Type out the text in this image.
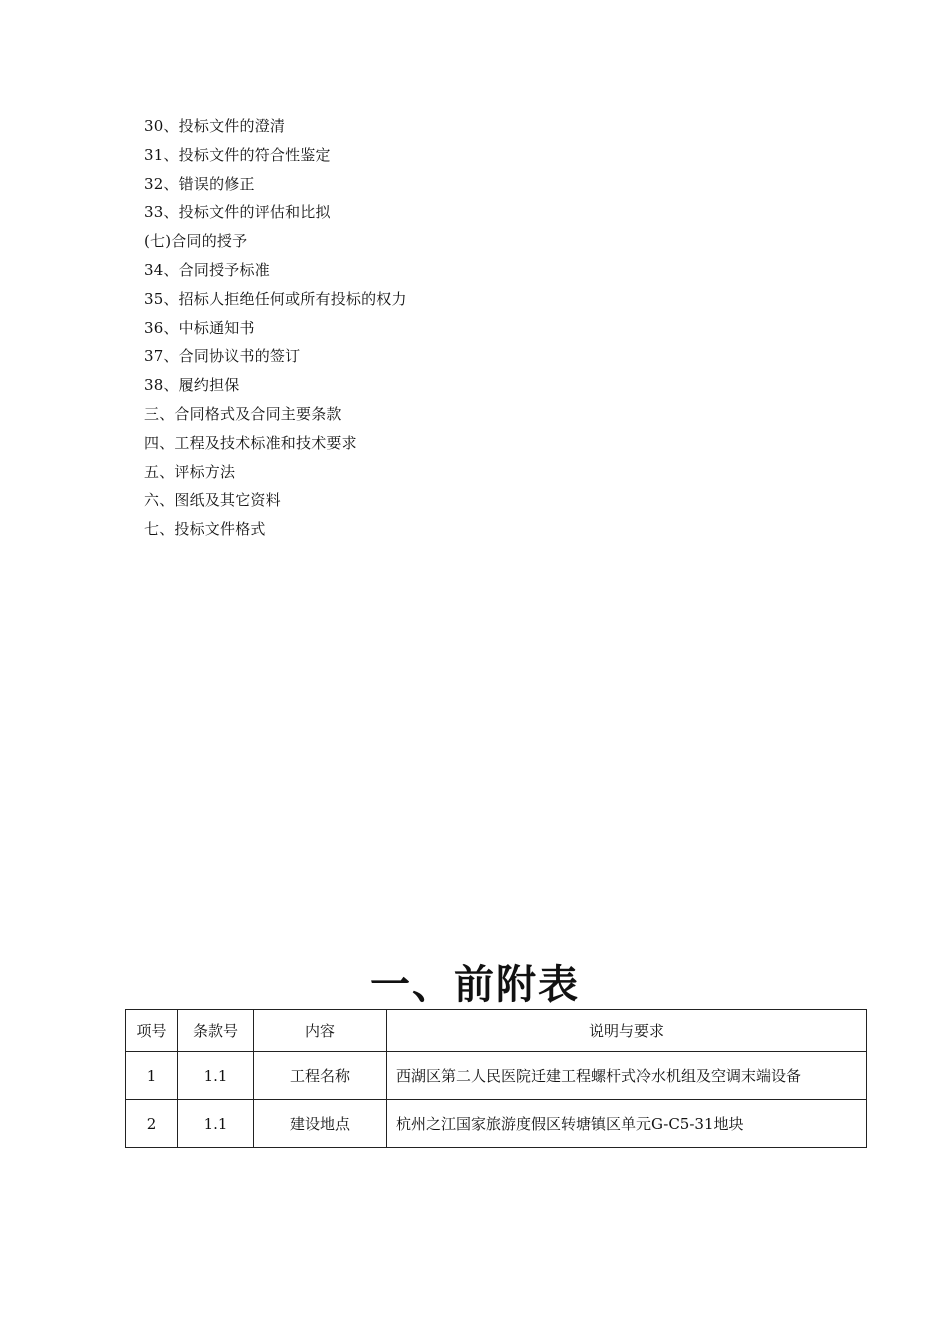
30、投标文件的澄清
31、投标文件的符合性鉴定
32、错误的修正
33、投标文件的评估和比拟
(七)合同的授予
34、合同授予标准
35、招标人拒绝任何或所有投标的权力
36、中标通知书
37、合同协议书的签订
38、履约担保
三、合同格式及合同主要条款
四、工程及技术标准和技术要求
五、评标方法
六、图纸及其它资料
七、投标文件格式
一、前附表
项号	条款号	内容	说明与要求
1	1.1	工程名称	西湖区第二人民医院迁建工程螺杆式冷水机组及空调末端设备
2	1.1	建设地点	杭州之江国家旅游度假区转塘镇区单元G-C5-31地块
